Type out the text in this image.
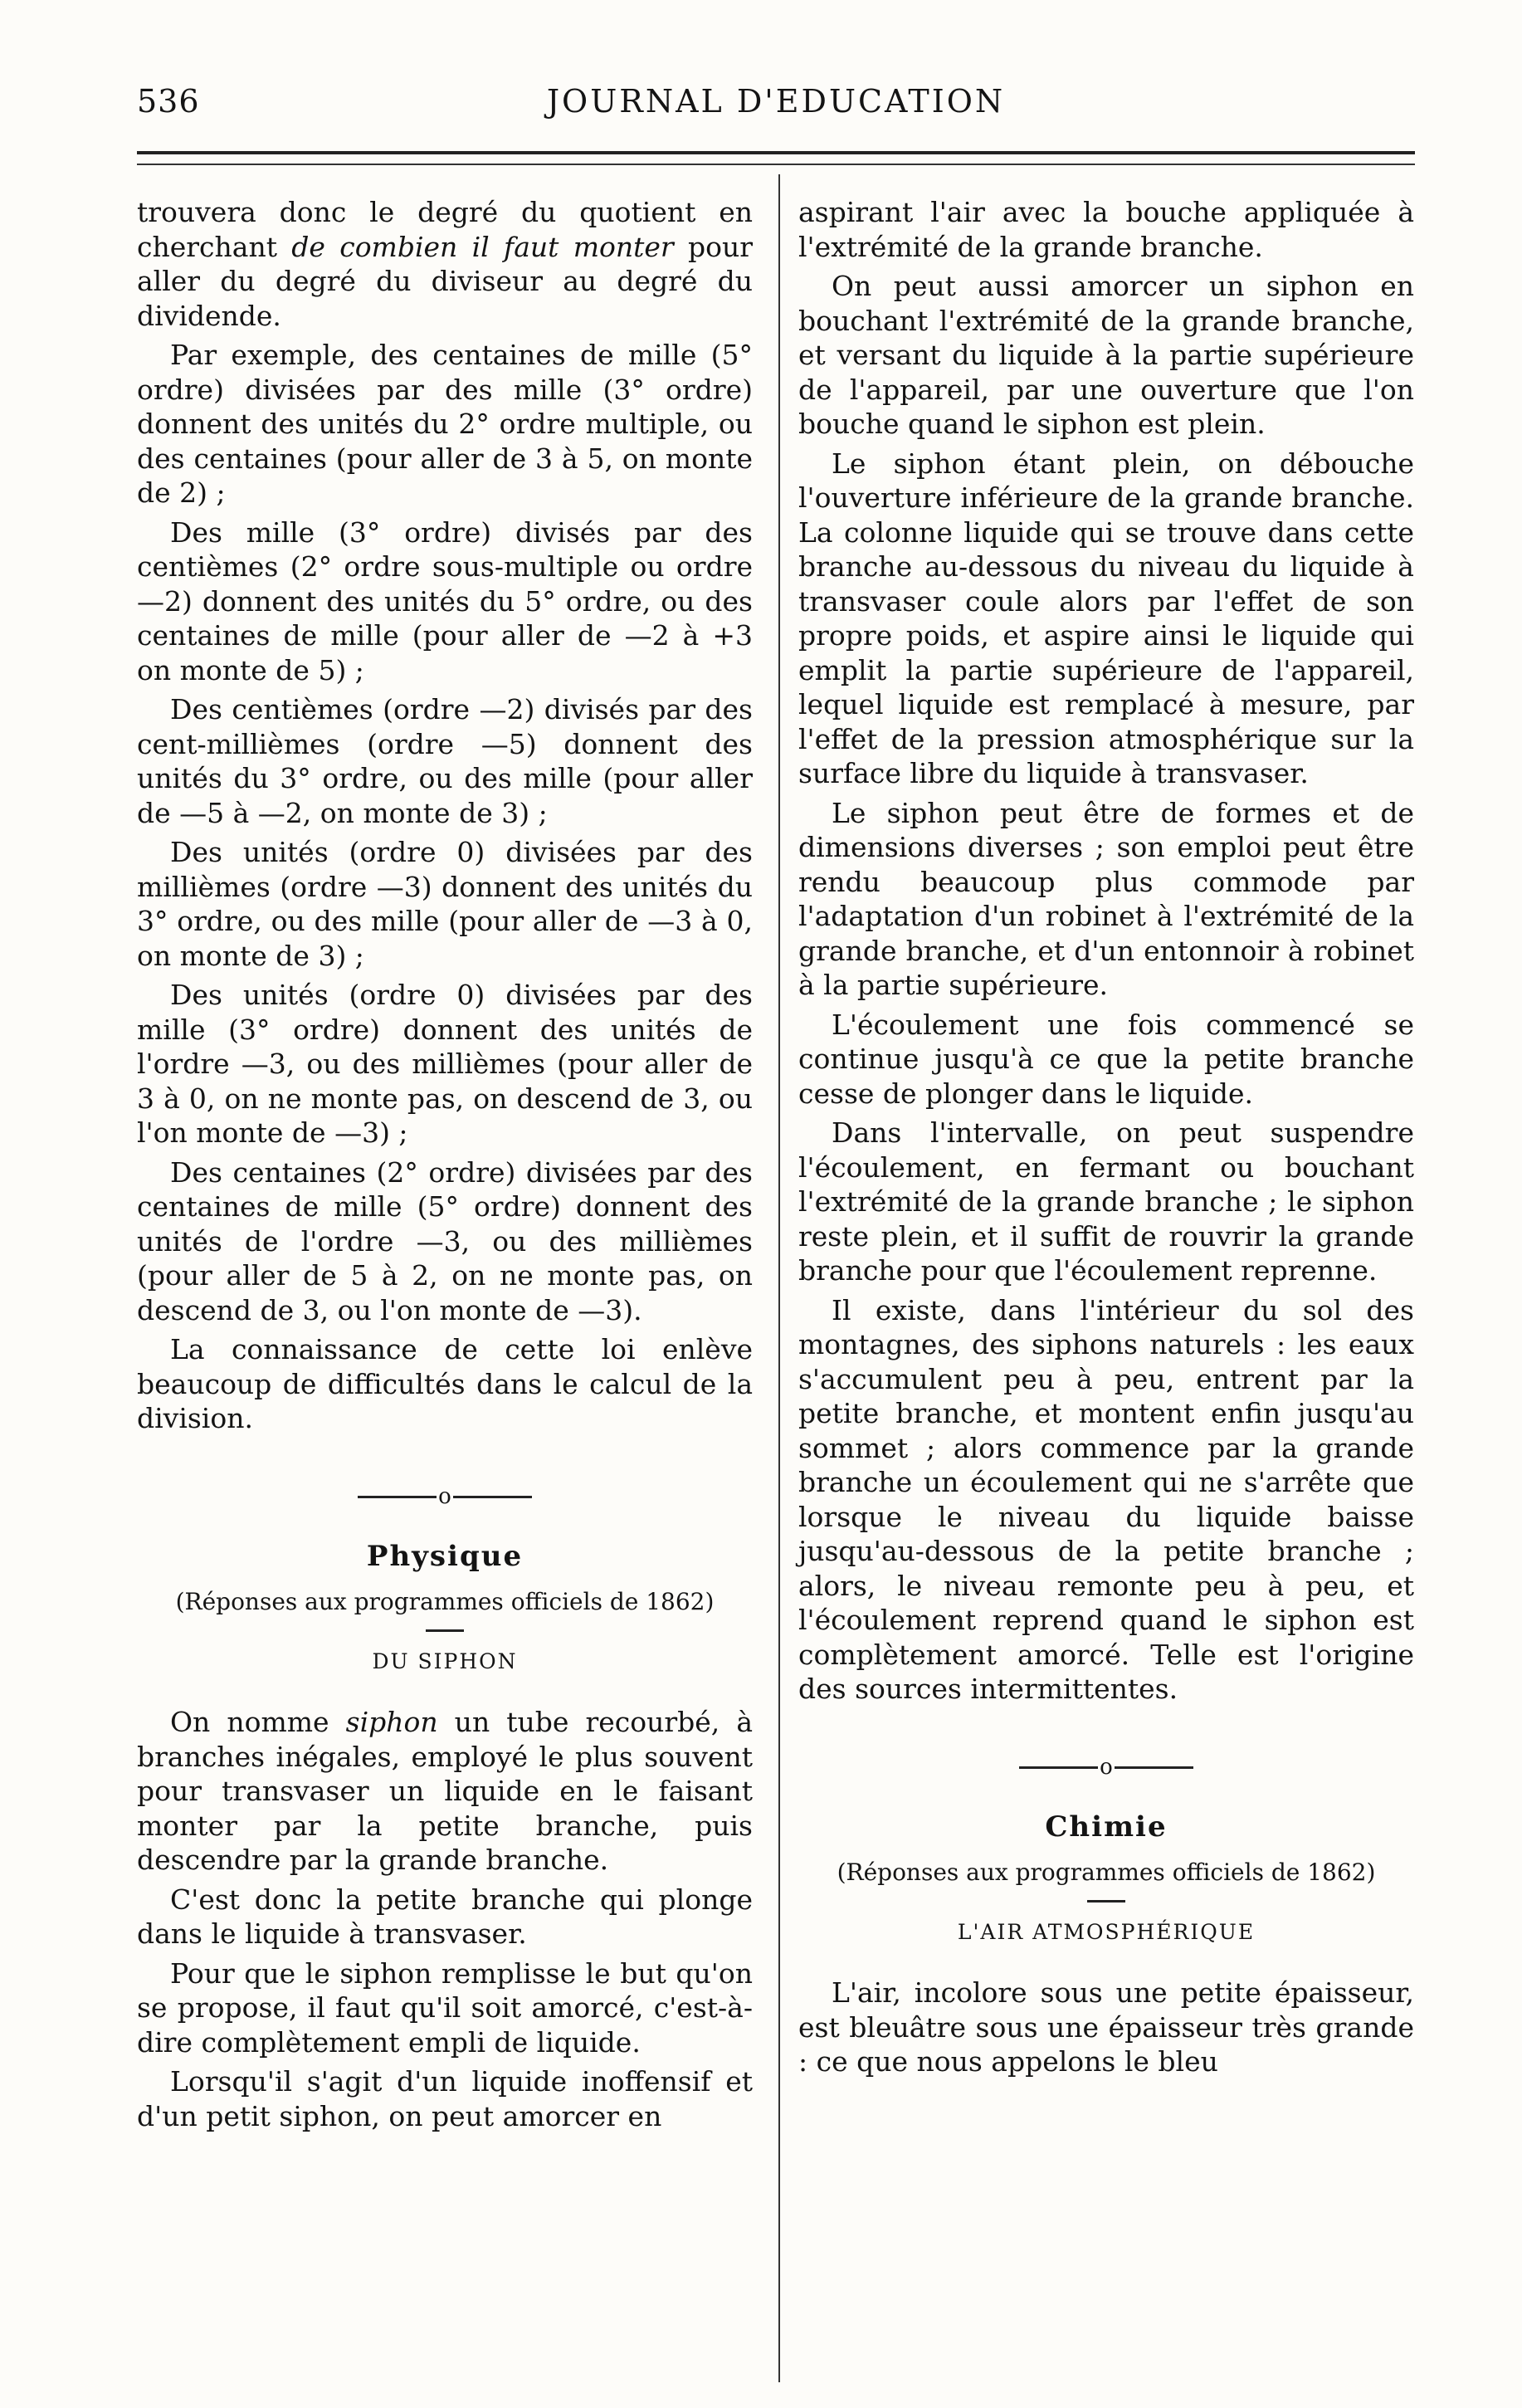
536	JOURNAL D'EDUCATION

trouvera donc le degré du quotient en cherchant de combien il faut monter pour aller du degré du diviseur au degré du dividende.

Par exemple, des centaines de mille (5° ordre) divisées par des mille (3° ordre) donnent des unités du 2° ordre multiple, ou des centaines (pour aller de 3 à 5, on monte de 2) ;

Des mille (3° ordre) divisés par des centièmes (2° ordre sous-multiple ou ordre —2) donnent des unités du 5° ordre, ou des centaines de mille (pour aller de —2 à +3 on monte de 5) ;

Des centièmes (ordre —2) divisés par des cent-millièmes (ordre —5) donnent des unités du 3° ordre, ou des mille (pour aller de —5 à —2, on monte de 3) ;

Des unités (ordre 0) divisées par des millièmes (ordre —3) donnent des unités du 3° ordre, ou des mille (pour aller de —3 à 0, on monte de 3) ;

Des unités (ordre 0) divisées par des mille (3° ordre) donnent des unités de l'ordre —3, ou des millièmes (pour aller de 3 à 0, on ne monte pas, on descend de 3, ou l'on monte de —3) ;

Des centaines (2° ordre) divisées par des centaines de mille (5° ordre) donnent des unités de l'ordre —3, ou des millièmes (pour aller de 5 à 2, on ne monte pas, on descend de 3, ou l'on monte de —3).

La connaissance de cette loi enlève beaucoup de difficultés dans le calcul de la division.

o
Physique
(Réponses aux programmes officiels de 1862)
DU SIPHON

On nomme siphon un tube recourbé, à branches inégales, employé le plus souvent pour transvaser un liquide en le faisant monter par la petite branche, puis descendre par la grande branche.

C'est donc la petite branche qui plonge dans le liquide à transvaser.

Pour que le siphon remplisse le but qu'on se propose, il faut qu'il soit amorcé, c'est-à-dire complètement empli de liquide.

Lorsqu'il s'agit d'un liquide inoffensif et d'un petit siphon, on peut amorcer en

aspirant l'air avec la bouche appliquée à l'extrémité de la grande branche.

On peut aussi amorcer un siphon en bouchant l'extrémité de la grande branche, et versant du liquide à la partie supérieure de l'appareil, par une ouverture que l'on bouche quand le siphon est plein.

Le siphon étant plein, on débouche l'ouverture inférieure de la grande branche. La colonne liquide qui se trouve dans cette branche au-dessous du niveau du liquide à transvaser coule alors par l'effet de son propre poids, et aspire ainsi le liquide qui emplit la partie supérieure de l'appareil, lequel liquide est remplacé à mesure, par l'effet de la pression atmosphérique sur la surface libre du liquide à transvaser.

Le siphon peut être de formes et de dimensions diverses ; son emploi peut être rendu beaucoup plus commode par l'adaptation d'un robinet à l'extrémité de la grande branche, et d'un entonnoir à robinet à la partie supérieure.

L'écoulement une fois commencé se continue jusqu'à ce que la petite branche cesse de plonger dans le liquide.

Dans l'intervalle, on peut suspendre l'écoulement, en fermant ou bouchant l'extrémité de la grande branche ; le siphon reste plein, et il suffit de rouvrir la grande branche pour que l'écoulement reprenne.

Il existe, dans l'intérieur du sol des montagnes, des siphons naturels : les eaux s'accumulent peu à peu, entrent par la petite branche, et montent enfin jusqu'au sommet ; alors commence par la grande branche un écoulement qui ne s'arrête que lorsque le niveau du liquide baisse jusqu'au-dessous de la petite branche ; alors, le niveau remonte peu à peu, et l'écoulement reprend quand le siphon est complètement amorcé. Telle est l'origine des sources intermittentes.

o
Chimie
(Réponses aux programmes officiels de 1862)
L'AIR ATMOSPHÉRIQUE

L'air, incolore sous une petite épaisseur, est bleuâtre sous une épaisseur très grande : ce que nous appelons le bleu
